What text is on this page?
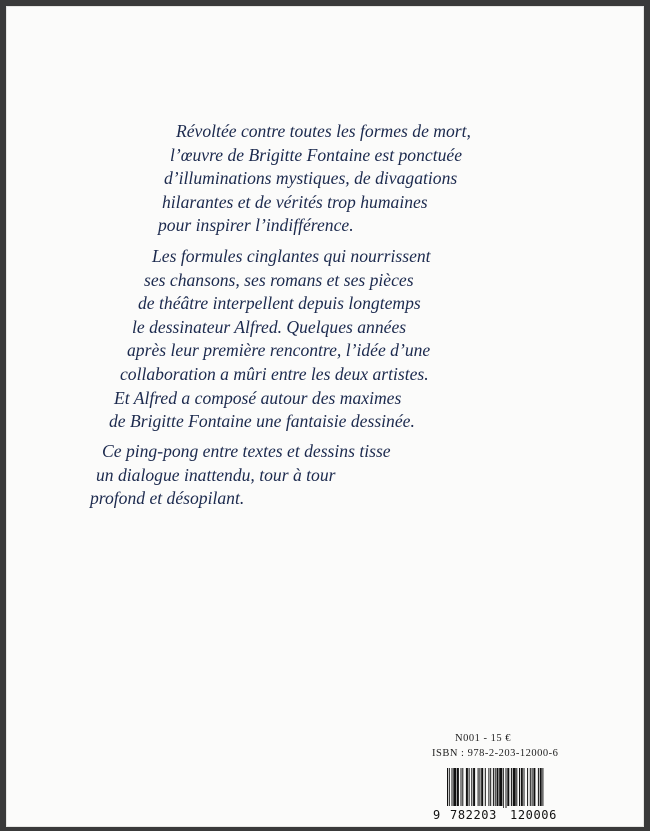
Révoltée contre toutes les formes de mort,
l’œuvre de Brigitte Fontaine est ponctuée
d’illuminations mystiques, de divagations
hilarantes et de vérités trop humaines
pour inspirer l’indifférence.
Les formules cinglantes qui nourrissent
ses chansons, ses romans et ses pièces
de théâtre interpellent depuis longtemps
le dessinateur Alfred. Quelques années
après leur première rencontre, l’idée d’une
collaboration a mûri entre les deux artistes.
Et Alfred a composé autour des maximes
de Brigitte Fontaine une fantaisie dessinée.
Ce ping-pong entre textes et dessins tisse
un dialogue inattendu, tour à tour
profond et désopilant.
N001 - 15 €
ISBN : 978-2-203-12000-6
9 782203 120006
